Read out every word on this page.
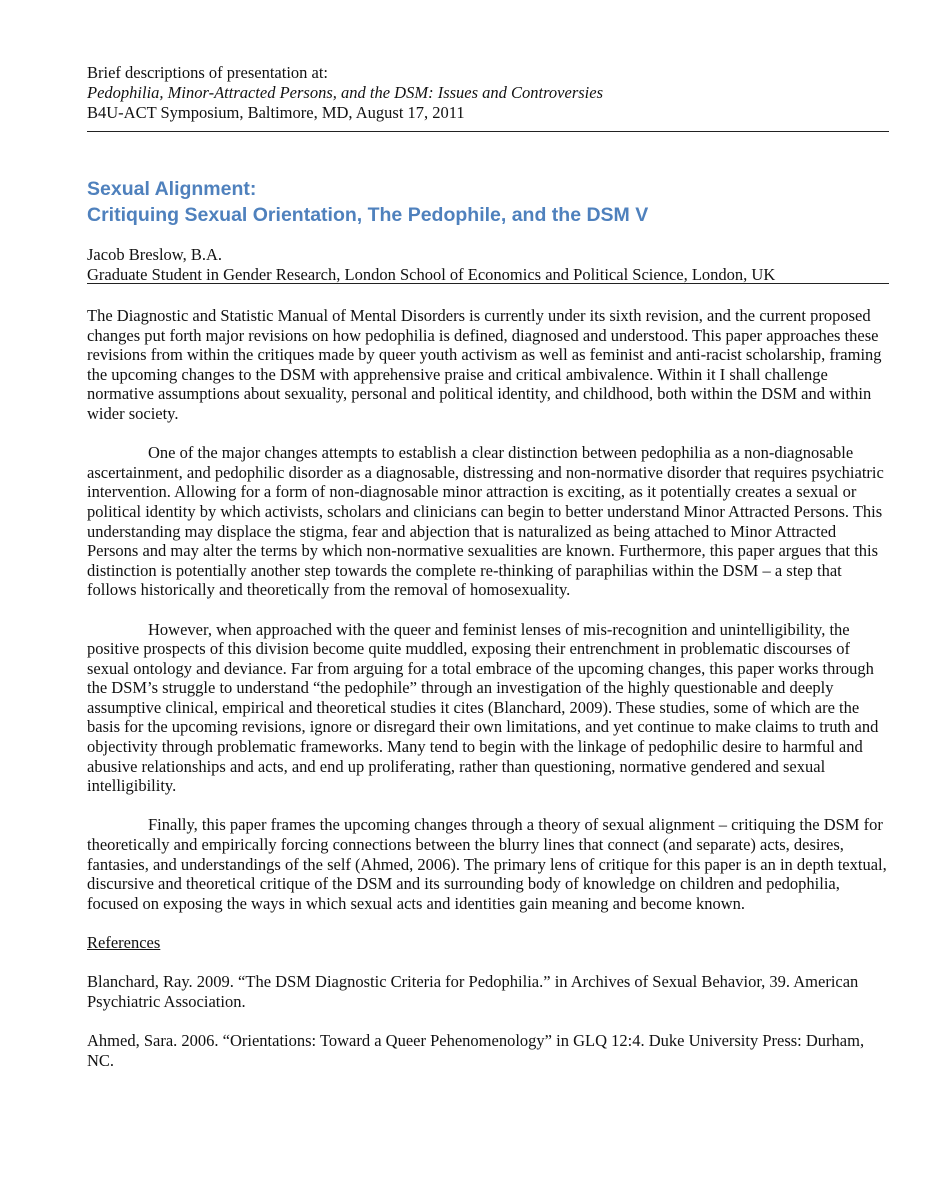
Brief descriptions of presentation at:
Pedophilia, Minor-Attracted Persons, and the DSM: Issues and Controversies
B4U-ACT Symposium, Baltimore, MD, August 17, 2011
Sexual Alignment:
Critiquing Sexual Orientation, The Pedophile, and the DSM V
Jacob Breslow, B.A.
Graduate Student in Gender Research, London School of Economics and Political Science, London, UK

The Diagnostic and Statistic Manual of Mental Disorders is currently under its sixth revision, and the current proposed changes put forth major revisions on how pedophilia is defined, diagnosed and understood. This paper approaches these revisions from within the critiques made by queer youth activism as well as feminist and anti-racist scholarship, framing the upcoming changes to the DSM with apprehensive praise and critical ambivalence. Within it I shall challenge normative assumptions about sexuality, personal and political identity, and childhood, both within the DSM and within wider society.

One of the major changes attempts to establish a clear distinction between pedophilia as a non-diagnosable ascertainment, and pedophilic disorder as a diagnosable, distressing and non-normative disorder that requires psychiatric intervention. Allowing for a form of non-diagnosable minor attraction is exciting, as it potentially creates a sexual or political identity by which activists, scholars and clinicians can begin to better understand Minor Attracted Persons. This understanding may displace the stigma, fear and abjection that is naturalized as being attached to Minor Attracted Persons and may alter the terms by which non-normative sexualities are known. Furthermore, this paper argues that this distinction is potentially another step towards the complete re-thinking of paraphilias within the DSM – a step that follows historically and theoretically from the removal of homosexuality.

However, when approached with the queer and feminist lenses of mis-recognition and unintelligibility, the positive prospects of this division become quite muddled, exposing their entrenchment in problematic discourses of sexual ontology and deviance. Far from arguing for a total embrace of the upcoming changes, this paper works through the DSM’s struggle to understand “the pedophile” through an investigation of the highly questionable and deeply assumptive clinical, empirical and theoretical studies it cites (Blanchard, 2009). These studies, some of which are the basis for the upcoming revisions, ignore or disregard their own limitations, and yet continue to make claims to truth and objectivity through problematic frameworks. Many tend to begin with the linkage of pedophilic desire to harmful and abusive relationships and acts, and end up proliferating, rather than questioning, normative gendered and sexual intelligibility.

Finally, this paper frames the upcoming changes through a theory of sexual alignment – critiquing the DSM for theoretically and empirically forcing connections between the blurry lines that connect (and separate) acts, desires, fantasies, and understandings of the self (Ahmed, 2006). The primary lens of critique for this paper is an in depth textual, discursive and theoretical critique of the DSM and its surrounding body of knowledge on children and pedophilia, focused on exposing the ways in which sexual acts and identities gain meaning and become known.

References
Blanchard, Ray. 2009. “The DSM Diagnostic Criteria for Pedophilia.” in Archives of Sexual Behavior, 39. American Psychiatric Association.
Ahmed, Sara. 2006. “Orientations: Toward a Queer Pehenomenology” in GLQ 12:4. Duke University Press: Durham, NC.
